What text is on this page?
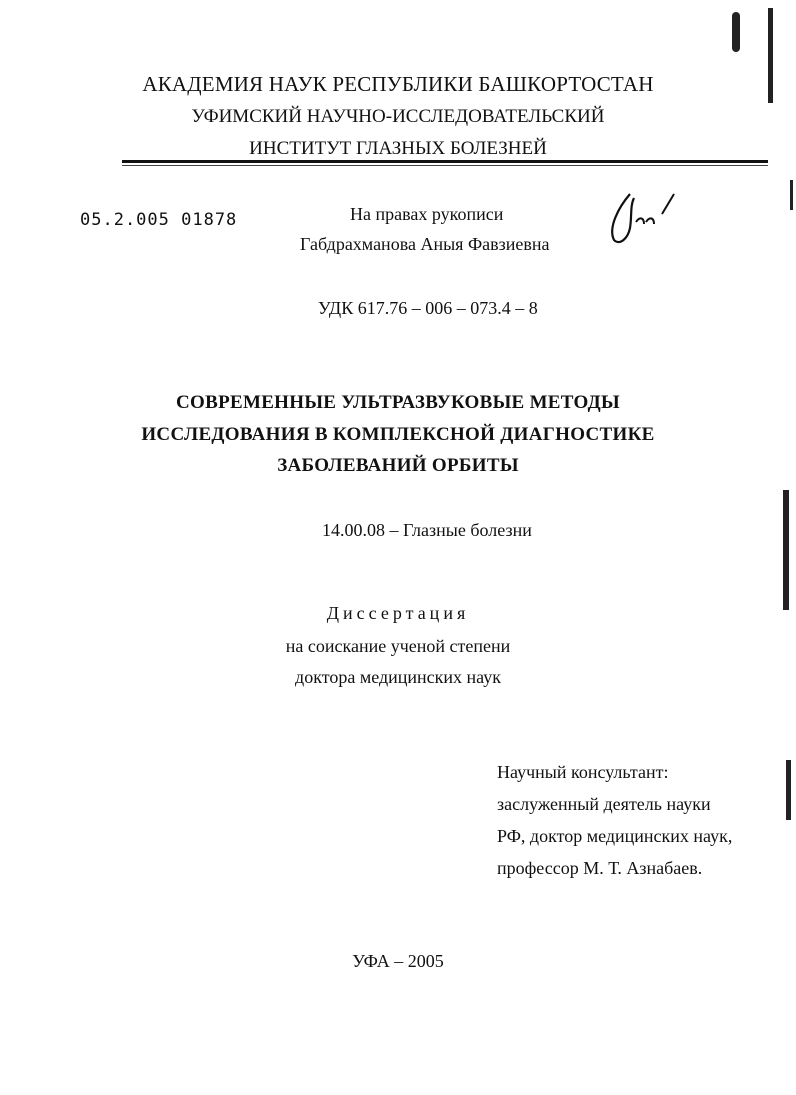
АКАДЕМИЯ НАУК РЕСПУБЛИКИ БАШКОРТОСТАН
УФИМСКИЙ НАУЧНО-ИССЛЕДОВАТЕЛЬСКИЙ
ИНСТИТУТ ГЛАЗНЫХ БОЛЕЗНЕЙ
05.2.005 01878	На правах рукописи
Габдрахманова Аныя Фавзиевна
УДК 617.76 – 006 – 073.4 – 8
СОВРЕМЕННЫЕ УЛЬТРАЗВУКОВЫЕ МЕТОДЫ
ИССЛЕДОВАНИЯ В КОМПЛЕКСНОЙ ДИАГНОСТИКЕ
ЗАБОЛЕВАНИЙ ОРБИТЫ
14.00.08 – Глазные болезни
Диссертация
на соискание ученой степени
доктора медицинских наук
Научный консультант:
заслуженный деятель науки
РФ, доктор медицинских наук,
профессор М. Т. Азнабаев.
УФА – 2005
